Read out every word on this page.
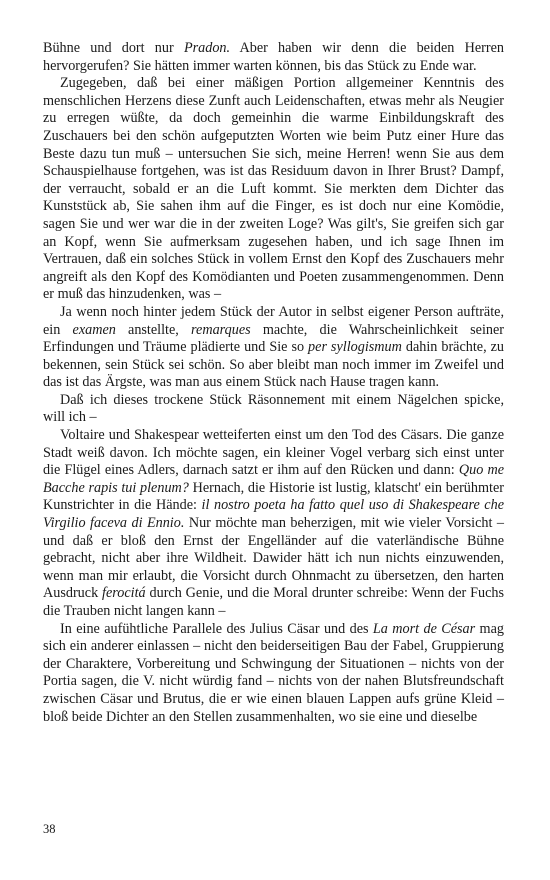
Bühne und dort nur Pradon. Aber haben wir denn die beiden Herren hervorgerufen? Sie hätten immer warten können, bis das Stück zu Ende war.

Zugegeben, daß bei einer mäßigen Portion allgemeiner Kenntnis des menschlichen Herzens diese Zunft auch Leidenschaften, etwas mehr als Neugier zu erregen wüßte, da doch gemeinhin die warme Einbildungskraft des Zuschauers bei den schön aufgeputzten Worten wie beim Putz einer Hure das Beste dazu tun muß – untersuchen Sie sich, meine Herren! wenn Sie aus dem Schauspielhause fortgehen, was ist das Residuum davon in Ihrer Brust? Dampf, der verraucht, sobald er an die Luft kommt. Sie merkten dem Dichter das Kunststück ab, Sie sahen ihm auf die Finger, es ist doch nur eine Komödie, sagen Sie und wer war die in der zweiten Loge? Was gilt's, Sie greifen sich gar an Kopf, wenn Sie aufmerksam zugesehen haben, und ich sage Ihnen im Vertrauen, daß ein solches Stück in vollem Ernst den Kopf des Zuschauers mehr angreift als den Kopf des Komödianten und Poeten zusammengenommen. Denn er muß das hinzudenken, was –

Ja wenn noch hinter jedem Stück der Autor in selbst eigener Person aufträte, ein examen anstellte, remarques machte, die Wahrscheinlichkeit seiner Erfindungen und Träume plädierte und Sie so per syllogismum dahin brächte, zu bekennen, sein Stück sei schön. So aber bleibt man noch immer im Zweifel und das ist das Ärgste, was man aus einem Stück nach Hause tragen kann.

Daß ich dieses trockene Stück Räsonnement mit einem Nägelchen spicke, will ich –

Voltaire und Shakespear wetteiferten einst um den Tod des Cäsars. Die ganze Stadt weiß davon. Ich möchte sagen, ein kleiner Vogel verbarg sich einst unter die Flügel eines Adlers, darnach satzt er ihm auf den Rücken und dann: Quo me Bacche rapis tui plenum? Hernach, die Historie ist lustig, klatscht' ein berühmter Kunstrichter in die Hände: il nostro poeta ha fatto quel uso di Shakespeare che Virgilio faceva di Ennio. Nur möchte man beherzigen, mit wie vieler Vorsicht – und daß er bloß den Ernst der Engelländer auf die vaterländische Bühne gebracht, nicht aber ihre Wildheit. Dawider hätt ich nun nichts einzuwenden, wenn man mir erlaubt, die Vorsicht durch Ohnmacht zu übersetzen, den harten Ausdruck ferocitá durch Genie, und die Moral drunter schreibe: Wenn der Fuchs die Trauben nicht langen kann –

In eine aufühtliche Parallele des Julius Cäsar und des La mort de César mag sich ein anderer einlassen – nicht den beiderseitigen Bau der Fabel, Gruppierung der Charaktere, Vorbereitung und Schwingung der Situationen – nichts von der Portia sagen, die V. nicht würdig fand – nichts von der nahen Blutsfreundschaft zwischen Cäsar und Brutus, die er wie einen blauen Lappen aufs grüne Kleid – bloß beide Dichter an den Stellen zusammenhalten, wo sie eine und dieselbe

38
